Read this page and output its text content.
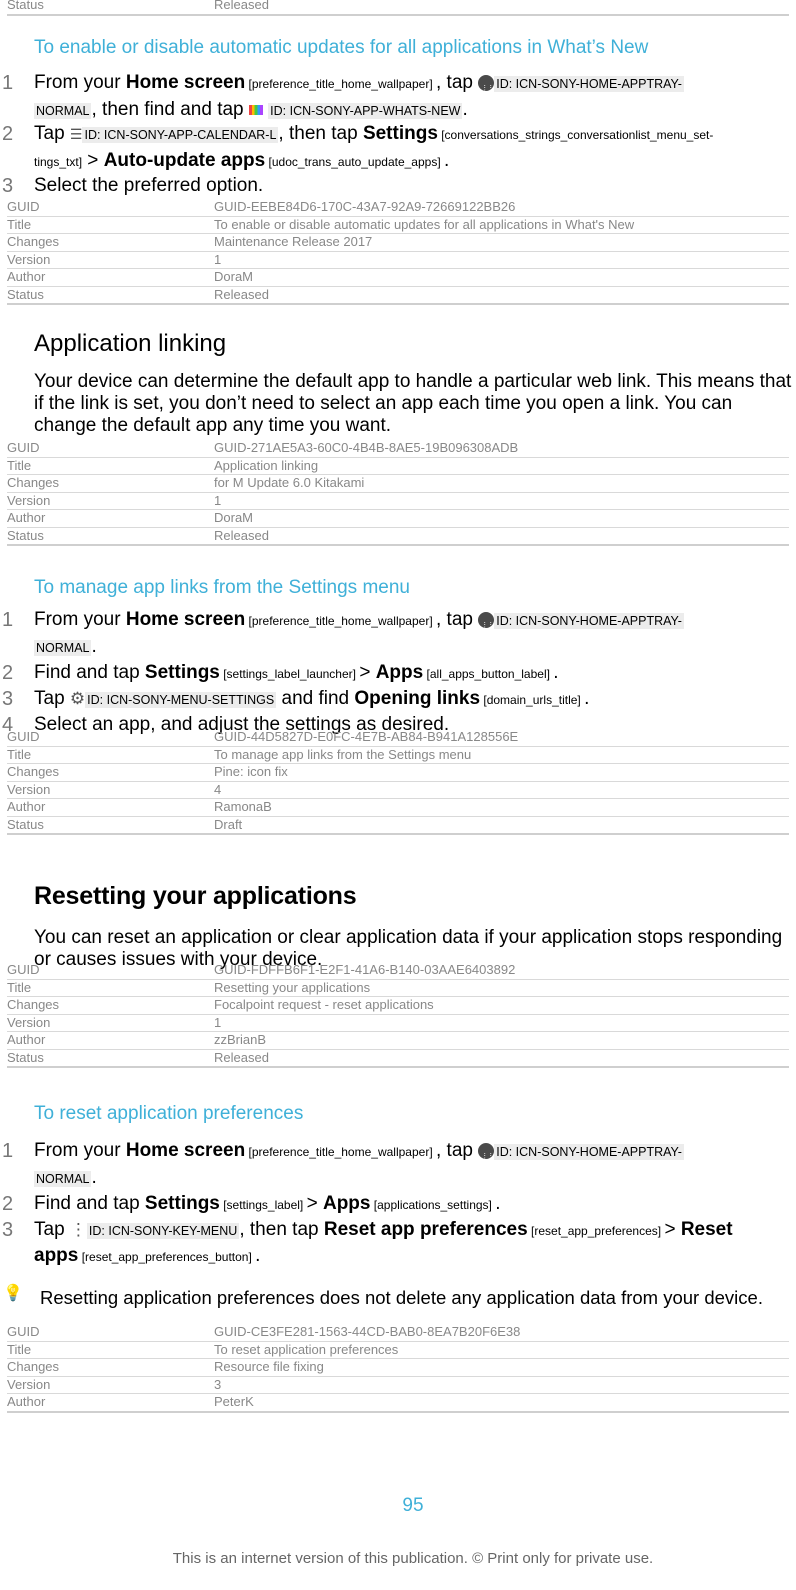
Status	Released
To enable or disable automatic updates for all applications in What’s New
1 From your Home screen [preference_title_home_wallpaper] , tap ⋮⋮ID: ICN-SONY-HOME-APPTRAY-
NORMAL , then find and tap  ID: ICN-SONY-APP-WHATS-NEW .
2 Tap ☰ ID: ICN-SONY-APP-CALENDAR-L , then tap Settings [conversations_strings_conversationlist_menu_set-
tings_txt] > Auto-update apps [udoc_trans_auto_update_apps] .
3 Select the preferred option.
GUID	GUID-EEBE84D6-170C-43A7-92A9-72669122BB26
Title	To enable or disable automatic updates for all applications in What's New
Changes	Maintenance Release 2017
Version	1
Author	DoraM
Status	Released
Application linking
Your device can determine the default app to handle a particular web link. This means that if the link is set, you don’t need to select an app each time you open a link. You can change the default app any time you want.
GUID	GUID-271AE5A3-60C0-4B4B-8AE5-19B096308ADB
Title	Application linking
Changes	for M Update 6.0 Kitakami
Version	1
Author	DoraM
Status	Released
To manage app links from the Settings menu
1 From your Home screen [preference_title_home_wallpaper] , tap ⋮⋮ID: ICN-SONY-HOME-APPTRAY-
NORMAL .
2 Find and tap Settings [settings_label_launcher] > Apps [all_apps_button_label] .
3 Tap ⚙ ID: ICN-SONY-MENU-SETTINGS and find Opening links [domain_urls_title] .
4 Select an app, and adjust the settings as desired.
GUID	GUID-44D5827D-E0FC-4E7B-AB84-B941A128556E
Title	To manage app links from the Settings menu
Changes	Pine: icon fix
Version	4
Author	RamonaB
Status	Draft
Resetting your applications
You can reset an application or clear application data if your application stops responding or causes issues with your device.
GUID	GUID-FDFFB6F1-E2F1-41A6-B140-03AAE6403892
Title	Resetting your applications
Changes	Focalpoint request - reset applications
Version	1
Author	zzBrianB
Status	Released
To reset application preferences
1 From your Home screen [preference_title_home_wallpaper] , tap ⋮⋮ID: ICN-SONY-HOME-APPTRAY-
NORMAL .
2 Find and tap Settings [settings_label] > Apps [applications_settings] .
3 Tap ⋮ ID: ICN-SONY-KEY-MENU , then tap Reset app preferences [reset_app_preferences] > Reset
apps [reset_app_preferences_button] .
💡 Resetting application preferences does not delete any application data from your device.
GUID	GUID-CE3FE281-1563-44CD-BAB0-8EA7B20F6E38
Title	To reset application preferences
Changes	Resource file fixing
Version	3
Author	PeterK
95
This is an internet version of this publication. © Print only for private use.
